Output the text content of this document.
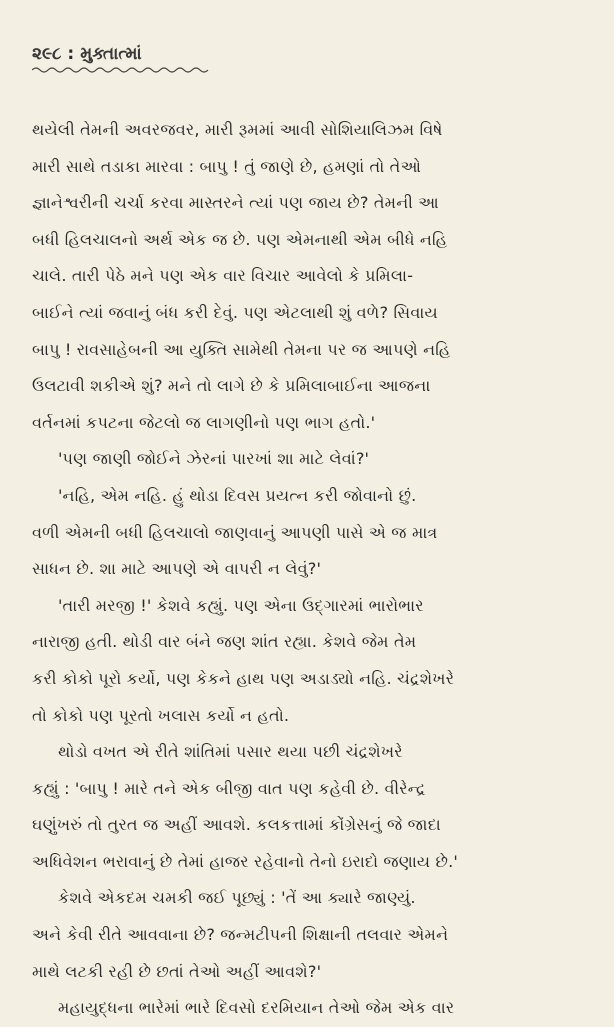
૨૯૮ : મુક્તાત્માં
થયેલી તેમની અવરજવર, મારી રૂમમાં આવી સોશિયાલિઝમ વિષે
મારી સાથે તડાકા મારવા : બાપુ ! તું જાણે છે, હમણાં તો તેઓ
જ્ઞાનેશ્વરીની ચર્ચા કરવા માસ્તરને ત્યાં પણ જાય છે? તેમની આ
બધી હિલચાલનો અર્થ એક જ છે. પણ એમનાથી એમ બીધે નહિ
ચાલે. તારી પેઠે મને પણ એક વાર વિચાર આવેલો કે પ્રમિલા-
બાઈને ત્યાં જવાનું બંધ કરી દેવું. પણ એટલાથી શું વળે? સિવાય
બાપુ ! રાવસાહેબની આ યુક્તિ સામેથી તેમના પર જ આપણે નહિ
ઉલટાવી શકીએ શું? મને તો લાગે છે કે પ્રમિલાબાઈના આજના
વર્તનમાં કપટના જેટલો જ લાગણીનો પણ ભાગ હતો.'
'પણ જાણી જોઈને ઝેરનાં પારખાં શા માટે લેવાં?'
'નહિ, એમ નહિ. હું થોડા દિવસ પ્રયત્ન કરી જોવાનો છું.
વળી એમની બધી હિલચાલો જાણવાનું આપણી પાસે એ જ માત્ર
સાધન છે. શા માટે આપણે એ વાપરી ન લેવું?'
'તારી મરજી !' કેશવે કહ્યું. પણ એના ઉદ્ગારમાં ભારોભાર
નારાજી હતી. થોડી વાર બંને જણ શાંત રહ્યા. કેશવે જેમ તેમ
કરી કોકો પૂરો કર્યો, પણ કેકને હાથ પણ અડાડ્યો નહિ. ચંદ્રશેખરે
તો કોકો પણ પૂરતો ખલાસ કર્યો ન હતો.
થોડો વખત એ રીતે શાંતિમાં પસાર થયા પછી ચંદ્રશેખરે
કહ્યું : 'બાપુ ! મારે તને એક બીજી વાત પણ કહેવી છે. વીરેન્દ્ર
ઘણુંખરું તો તુરત જ અહીં આવશે. કલકત્તામાં કોંગ્રેસનું જે જાદા
અધિવેશન ભરાવાનું છે તેમાં હાજર રહેવાનો તેનો ઇરાદો જણાય છે.'
કેશવે એકદમ ચમકી જઈ પૂછ્યું : 'તેં આ ક્યારે જાણ્યું.
અને કેવી રીતે આવવાના છે? જન્મટીપની શિક્ષાની તલવાર એમને
માથે લટકી રહી છે છતાં તેઓ અહીં આવશે?'
મહાયુદ્ધના ભારેમાં ભારે દિવસો દરમિયાન તેઓ જેમ એક વાર
